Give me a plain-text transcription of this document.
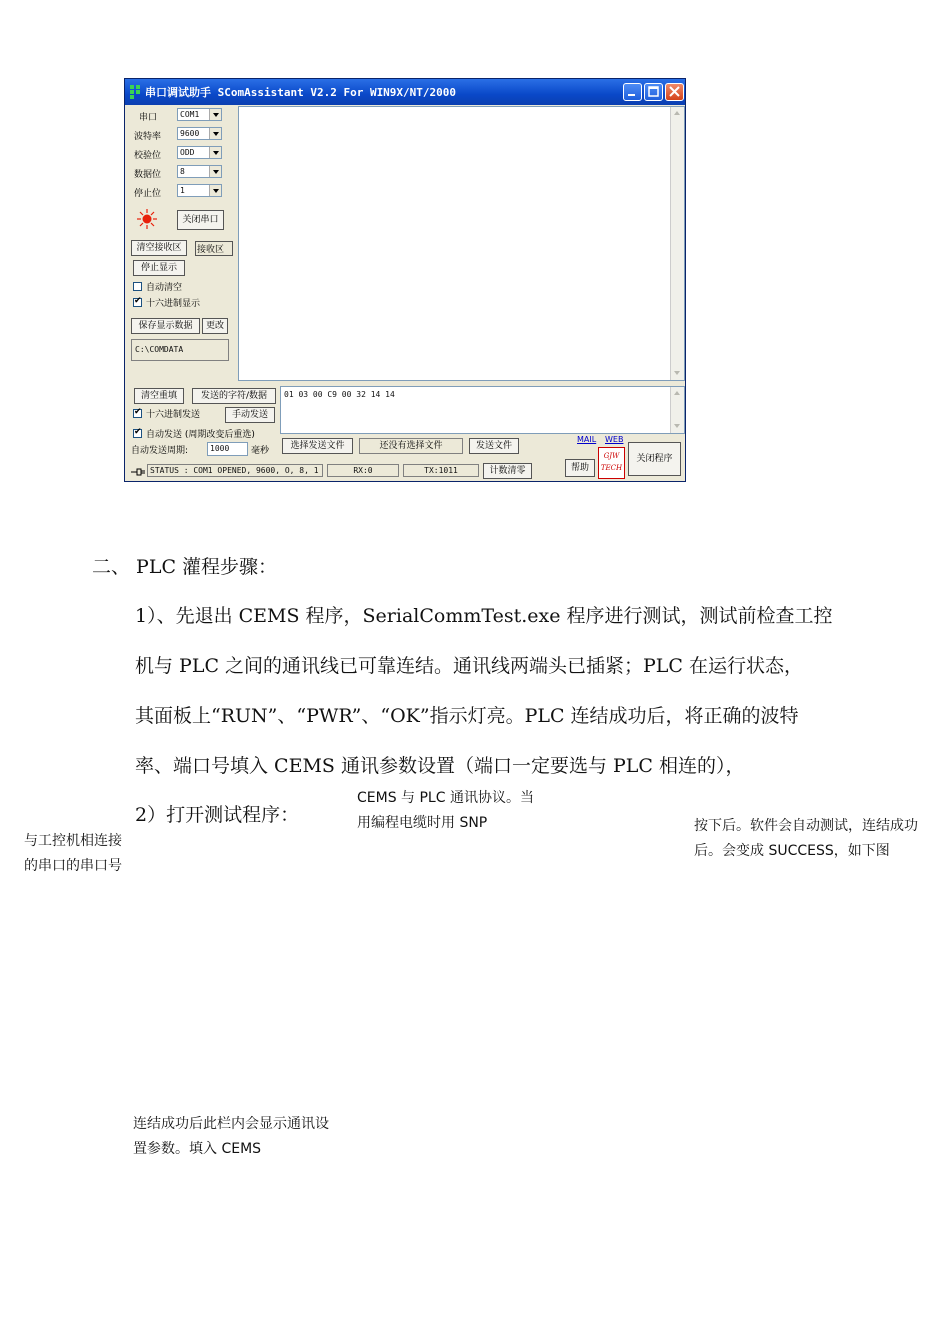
串口调试助手 SComAssistant V2.2 For WIN9X/NT/2000
串口	COM1
波特率 9600
校验位 ODD
数据位 8
停止位 1
关闭串口
清空接收区	接收区
停止显示
自动清空
✔
十六进制显示
保存显示数据	更改
C:\COMDATA
清空重填	发送的字符/数据
✔
十六进制发送	手动发送
✔
自动发送 (周期改变后重选)
自动发送周期:	1000 毫秒
01 03 00 C9 00 32 14 14
选择发送文件	还没有选择文件	发送文件
MAIL WEB
帮助
GJW TECH
关闭程序
STATUS : COM1 OPENED, 9600, O, 8, 1	RX:0	TX:1011	计数清零
二、 PLC 灌程步骤：
1）、先退出 CEMS 程序，SerialCommTest.exe 程序进行测试，测试前检查工控
机与 PLC 之间的通讯线已可靠连结。通讯线两端头已插紧；PLC 在运行状态，
其面板上“RUN”、“PWR”、“OK”指示灯亮。PLC 连结成功后，将正确的波特
率、端口号填入 CEMS 通讯参数设置（端口一定要选与 PLC 相连的），
2）打开测试程序：
CEMS 与 PLC 通讯协议。当用编程电缆时用 SNP
与工控机相连接的串口的串口号
按下后。软件会自动测试，连结成功后。会变成 SUCCESS，如下图
连结成功后此栏内会显示通讯设置参数。填入 CEMS
